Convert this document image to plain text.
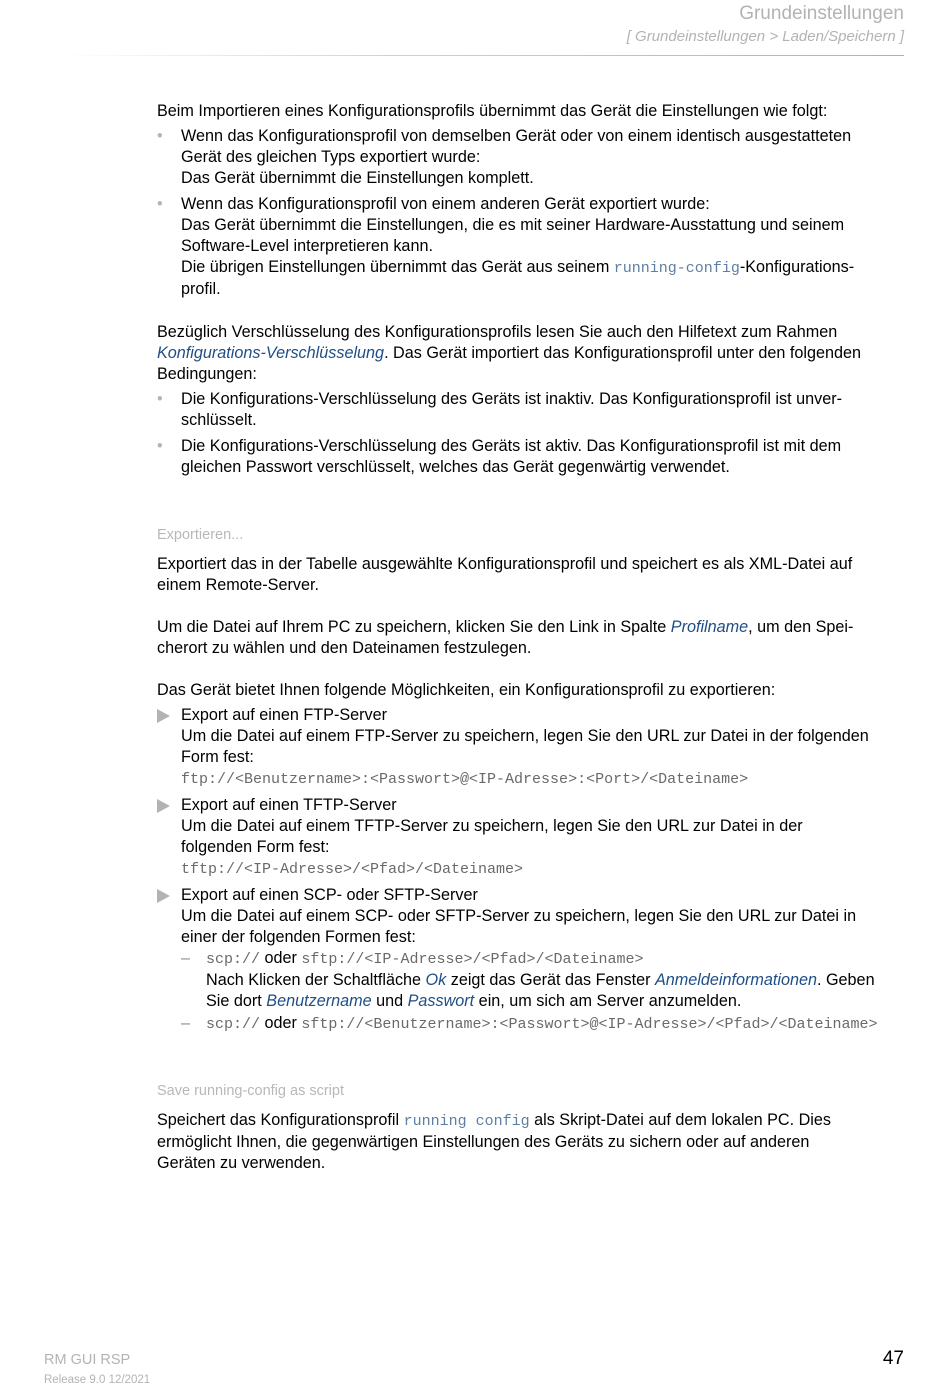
Grundeinstellungen
[ Grundeinstellungen > Laden/Speichern ]

Beim Importieren eines Konfigurationsprofils übernimmt das Gerät die Einstellungen wie folgt:

• Wenn das Konfigurationsprofil von demselben Gerät oder von einem identisch ausgestatteten
Gerät des gleichen Typs exportiert wurde:
Das Gerät übernimmt die Einstellungen komplett.
• Wenn das Konfigurationsprofil von einem anderen Gerät exportiert wurde:
Das Gerät übernimmt die Einstellungen, die es mit seiner Hardware-Ausstattung und seinem
Software-Level interpretieren kann.
Die übrigen Einstellungen übernimmt das Gerät aus seinem running-config-Konfigurations-
profil.

Bezüglich Verschlüsselung des Konfigurationsprofils lesen Sie auch den Hilfetext zum Rahmen
Konfigurations-Verschlüsselung. Das Gerät importiert das Konfigurationsprofil unter den folgenden
Bedingungen:

• Die Konfigurations-Verschlüsselung des Geräts ist inaktiv. Das Konfigurationsprofil ist unver-
schlüsselt.
• Die Konfigurations-Verschlüsselung des Geräts ist aktiv. Das Konfigurationsprofil ist mit dem
gleichen Passwort verschlüsselt, welches das Gerät gegenwärtig verwendet.

Exportieren...

Exportiert das in der Tabelle ausgewählte Konfigurationsprofil und speichert es als XML-Datei auf
einem Remote-Server.

Um die Datei auf Ihrem PC zu speichern, klicken Sie den Link in Spalte Profilname, um den Spei-
cherort zu wählen und den Dateinamen festzulegen.

Das Gerät bietet Ihnen folgende Möglichkeiten, ein Konfigurationsprofil zu exportieren:

Export auf einen FTP-Server
Um die Datei auf einem FTP-Server zu speichern, legen Sie den URL zur Datei in der folgenden
Form fest:
ftp://<Benutzername>:<Passwort>@<IP-Adresse>:<Port>/<Dateiname>
Export auf einen TFTP-Server
Um die Datei auf einem TFTP-Server zu speichern, legen Sie den URL zur Datei in der
folgenden Form fest:
tftp://<IP-Adresse>/<Pfad>/<Dateiname>
Export auf einen SCP- oder SFTP-Server
Um die Datei auf einem SCP- oder SFTP-Server zu speichern, legen Sie den URL zur Datei in
einer der folgenden Formen fest:
– scp:// oder sftp://<IP-Adresse>/<Pfad>/<Dateiname>
Nach Klicken der Schaltfläche Ok zeigt das Gerät das Fenster Anmeldeinformationen. Geben
Sie dort Benutzername und Passwort ein, um sich am Server anzumelden.
– scp:// oder sftp://<Benutzername>:<Passwort>@<IP-Adresse>/<Pfad>/<Dateiname>

Save running-config as script

Speichert das Konfigurationsprofil running config als Skript-Datei auf dem lokalen PC. Dies
ermöglicht Ihnen, die gegenwärtigen Einstellungen des Geräts zu sichern oder auf anderen
Geräten zu verwenden.

RM GUI RSP
Release 9.0 12/2021
47
